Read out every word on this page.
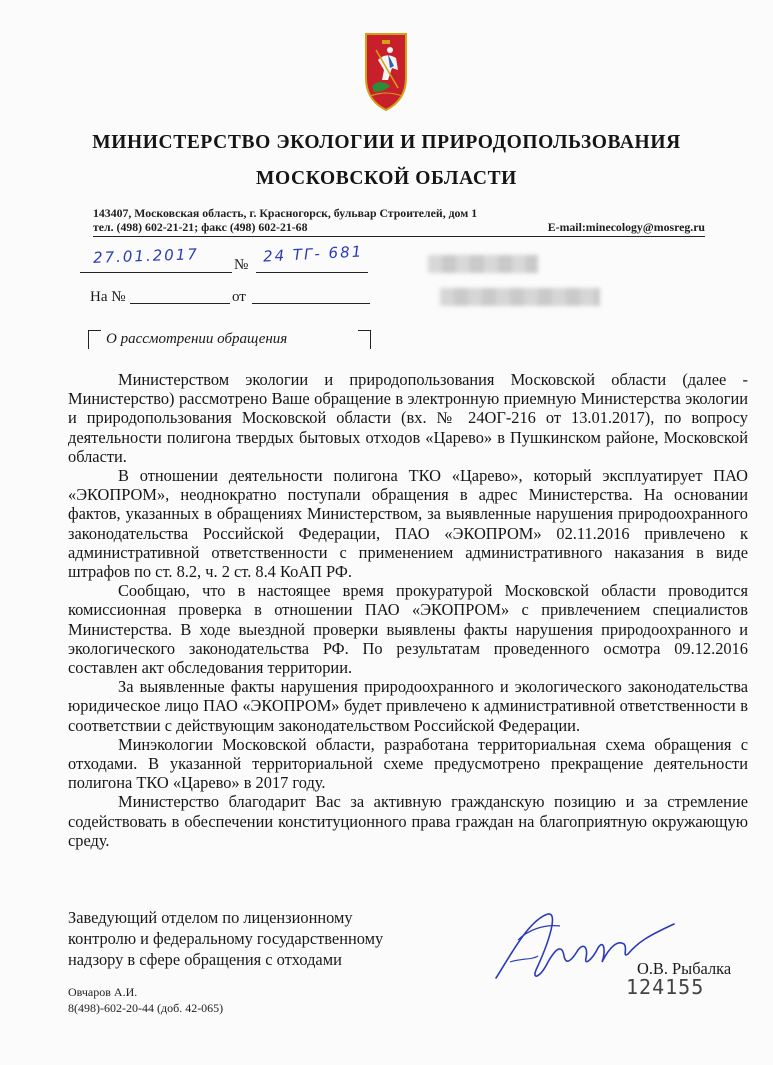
МИНИСТЕРСТВО ЭКОЛОГИИ И ПРИРОДОПОЛЬЗОВАНИЯ
МОСКОВСКОЙ ОБЛАСТИ
143407, Московская область, г. Красногорск, бульвар Строителей, дом 1
тел. (498) 602-21-21; факс (498) 602-21-68	E-mail:minecology@mosreg.ru
27.01.2017 № 24 ТГ- 681
На №	от
О рассмотрении обращения

Министерством экологии и природопользования Московской области (далее - Министерство) рассмотрено Ваше обращение в электронную приемную Министерства экологии и природопользования Московской области (вх. № 24ОГ-216 от 13.01.2017), по вопросу деятельности полигона твердых бытовых отходов «Царево» в Пушкинском районе, Московской области.

В отношении деятельности полигона ТКО «Царево», который эксплуатирует ПАО «ЭКОПРОМ», неоднократно поступали обращения в адрес Министерства. На основании фактов, указанных в обращениях Министерством, за выявленные нарушения природоохранного законодательства Российской Федерации, ПАО «ЭКОПРОМ» 02.11.2016 привлечено к административной ответственности с применением административного наказания в виде штрафов по ст. 8.2, ч. 2 ст. 8.4 КоАП РФ.

Сообщаю, что в настоящее время прокуратурой Московской области проводится комиссионная проверка в отношении ПАО «ЭКОПРОМ» с привлечением специалистов Министерства. В ходе выездной проверки выявлены факты нарушения природоохранного и экологического законодательства РФ. По результатам проведенного осмотра 09.12.2016 составлен акт обследования территории.

За выявленные факты нарушения природоохранного и экологического законодательства юридическое лицо ПАО «ЭКОПРОМ» будет привлечено к административной ответственности в соответствии с действующим законодательством Российской Федерации.

Минэкологии Московской области, разработана территориальная схема обращения с отходами. В указанной территориальной схеме предусмотрено прекращение деятельности полигона ТКО «Царево» в 2017 году.

Министерство благодарит Вас за активную гражданскую позицию и за стремление содействовать в обеспечении конституционного права граждан на благоприятную окружающую среду.

Заведующий отделом по лицензионному
контролю и федеральному государственному
надзору в сфере обращения с отходами	О.В. Рыбалка
124155
Овчаров А.И.
8(498)-602-20-44 (доб. 42-065)
